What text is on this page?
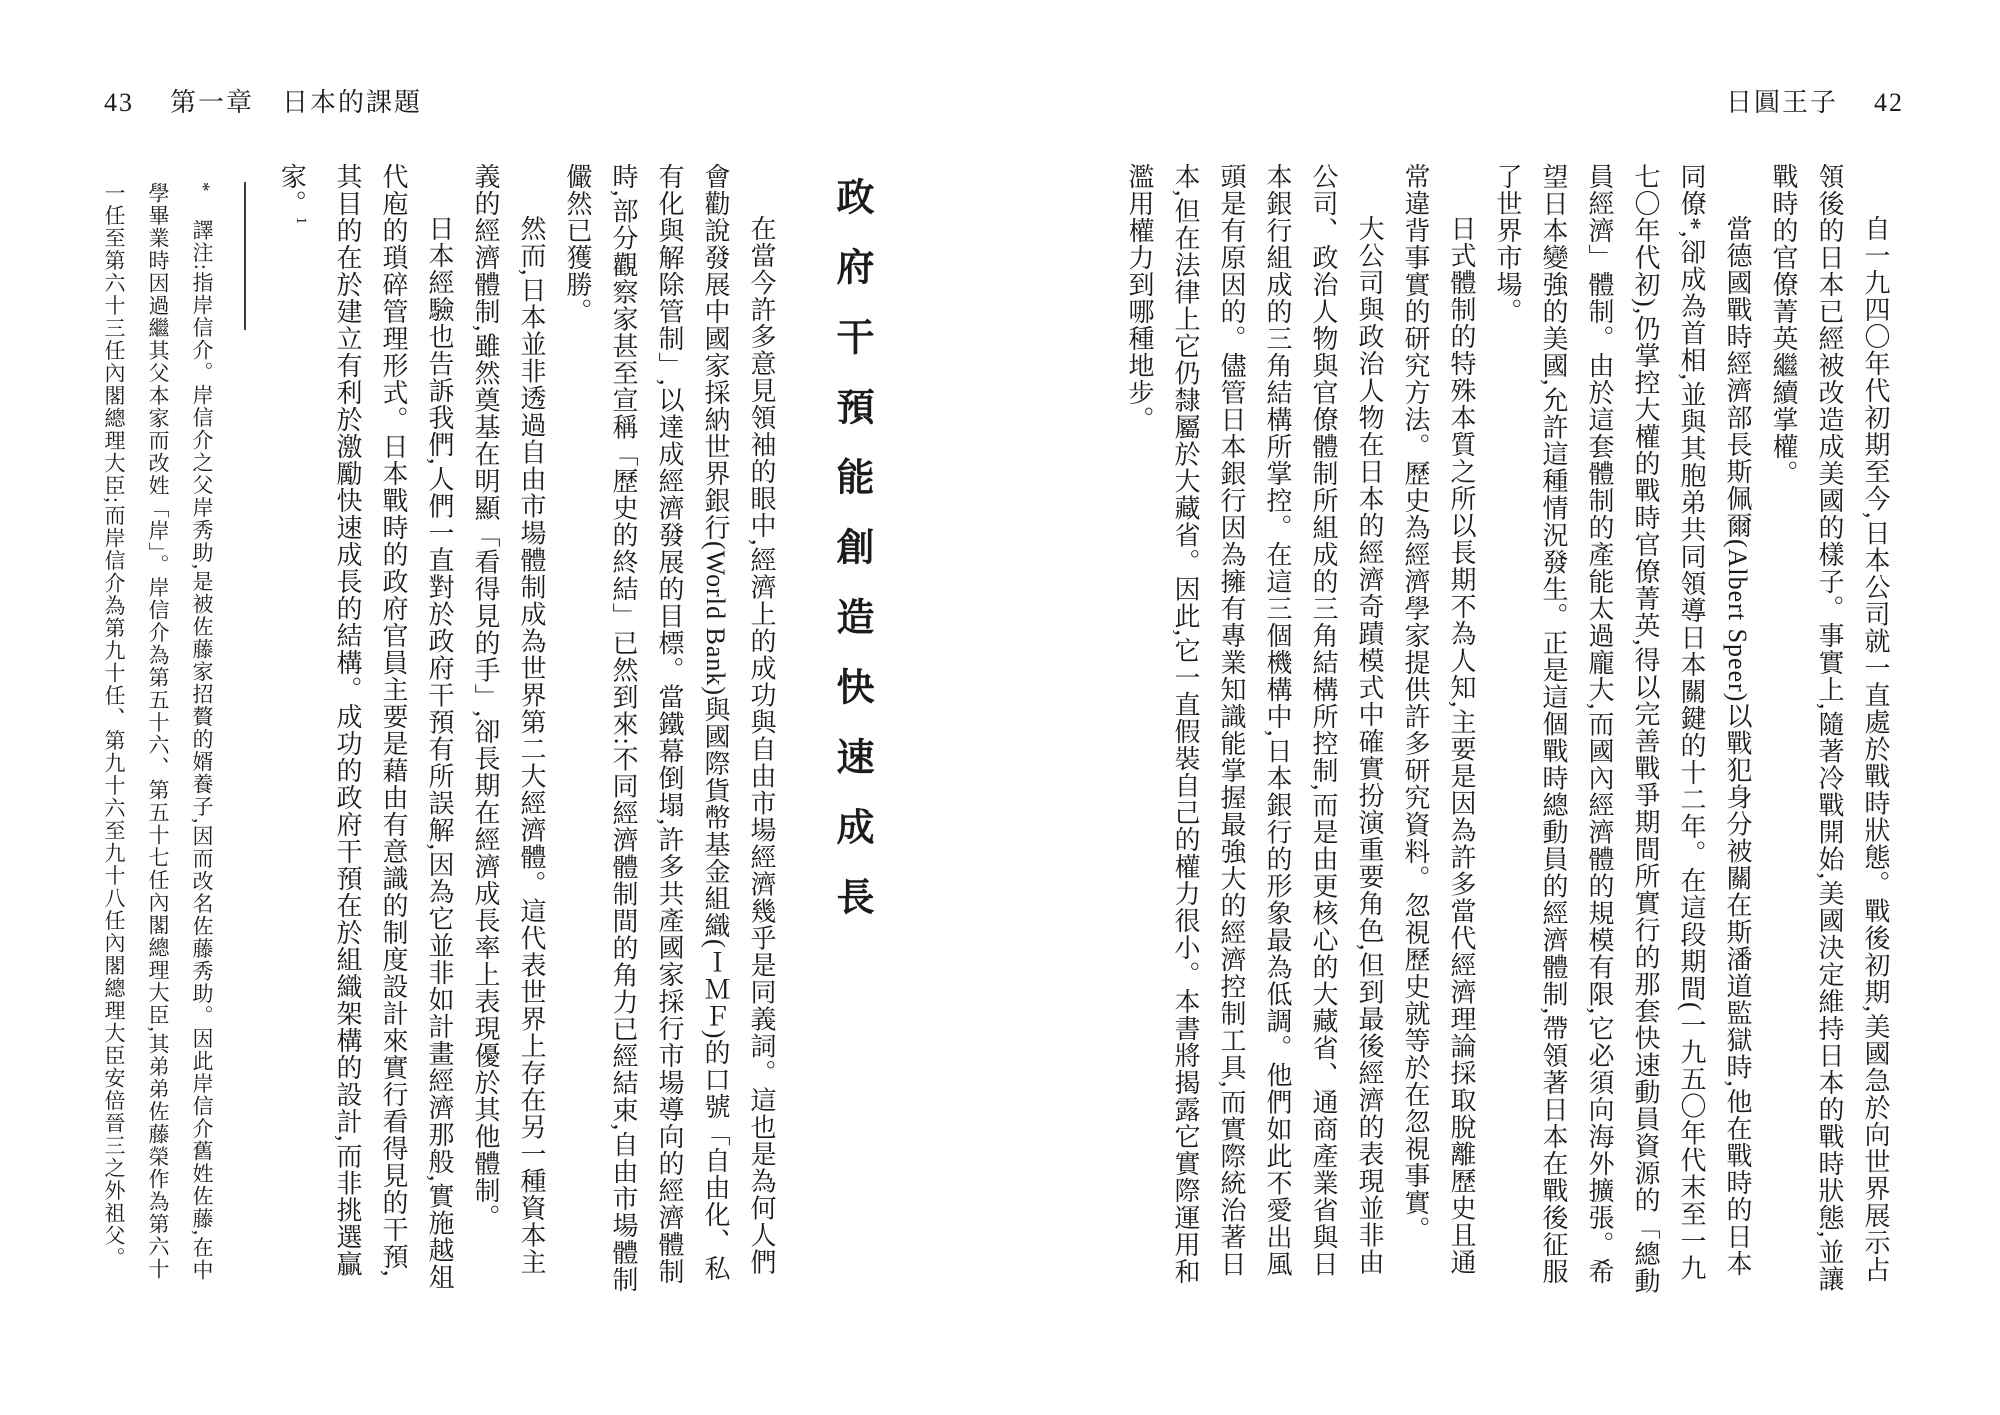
43 第一章　日本的課題	日圓王子 42

自一九四〇年代初期至今,日本公司就一直處於戰時狀態。戰後初期,美國急於向世界展示占領後的日本已經被改造成美國的樣子。事實上,隨著冷戰開始,美國決定維持日本的戰時狀態,並讓戰時的官僚菁英繼續掌權。

當德國戰時經濟部長斯佩爾(Albert Speer)以戰犯身分被關在斯潘道監獄時,他在戰時的日本同僚*,卻成為首相,並與其胞弟共同領導日本關鍵的十二年。在這段期間(一九五〇年代末至一九七〇年代初),仍掌控大權的戰時官僚菁英,得以完善戰爭期間所實行的那套快速動員資源的「總動員經濟」體制。由於這套體制的產能太過龐大,而國內經濟體的規模有限,它必須向海外擴張。希望日本變強的美國,允許這種情況發生。正是這個戰時總動員的經濟體制,帶領著日本在戰後征服了世界市場。

日式體制的特殊本質之所以長期不為人知,主要是因為許多當代經濟理論採取脫離歷史且通常違背事實的研究方法。歷史為經濟學家提供許多研究資料。忽視歷史就等於在忽視事實。

大公司與政治人物在日本的經濟奇蹟模式中確實扮演重要角色,但到最後經濟的表現並非由公司、政治人物與官僚體制所組成的三角結構所控制,而是由更核心的大藏省、通商產業省與日本銀行組成的三角結構所掌控。在這三個機構中,日本銀行的形象最為低調。他們如此不愛出風頭是有原因的。儘管日本銀行因為擁有專業知識能掌握最強大的經濟控制工具,而實際統治著日本,但在法律上它仍隸屬於大藏省。因此,它一直假裝自己的權力很小。本書將揭露它實際運用和濫用權力到哪種地步。

政府干預能創造快速成長

在當今許多意見領袖的眼中,經濟上的成功與自由市場經濟幾乎是同義詞。這也是為何人們會勸說發展中國家採納世界銀行(World Bank)與國際貨幣基金組織(ＩＭＦ)的口號「自由化、私有化與解除管制」,以達成經濟發展的目標。當鐵幕倒塌,許多共產國家採行市場導向的經濟體制時,部分觀察家甚至宣稱「歷史的終結」已然到來:不同經濟體制間的角力已經結束,自由市場體制儼然已獲勝。

然而,日本並非透過自由市場體制成為世界第二大經濟體。這代表世界上存在另一種資本主義的經濟體制,雖然奠基在明顯「看得見的手」,卻長期在經濟成長率上表現優於其他體制。

日本經驗也告訴我們,人們一直對於政府干預有所誤解,因為它並非如計畫經濟那般,實施越俎代庖的瑣碎管理形式。日本戰時的政府官員主要是藉由有意識的制度設計來實行看得見的干預,其目的在於建立有利於激勵快速成長的結構。成功的政府干預在於組織架構的設計,而非挑選贏家。$^1$

*譯注:指岸信介。岸信介之父岸秀助,是被佐藤家招贅的婿養子,因而改名佐藤秀助。因此岸信介舊姓佐藤,在中學畢業時因過繼其父本家而改姓「岸」。岸信介為第五十六、第五十七任內閣總理大臣,其弟弟佐藤榮作為第六十一任至第六十三任內閣總理大臣;而岸信介為第九十任、第九十六至九十八任內閣總理大臣安倍晉三之外祖父。
